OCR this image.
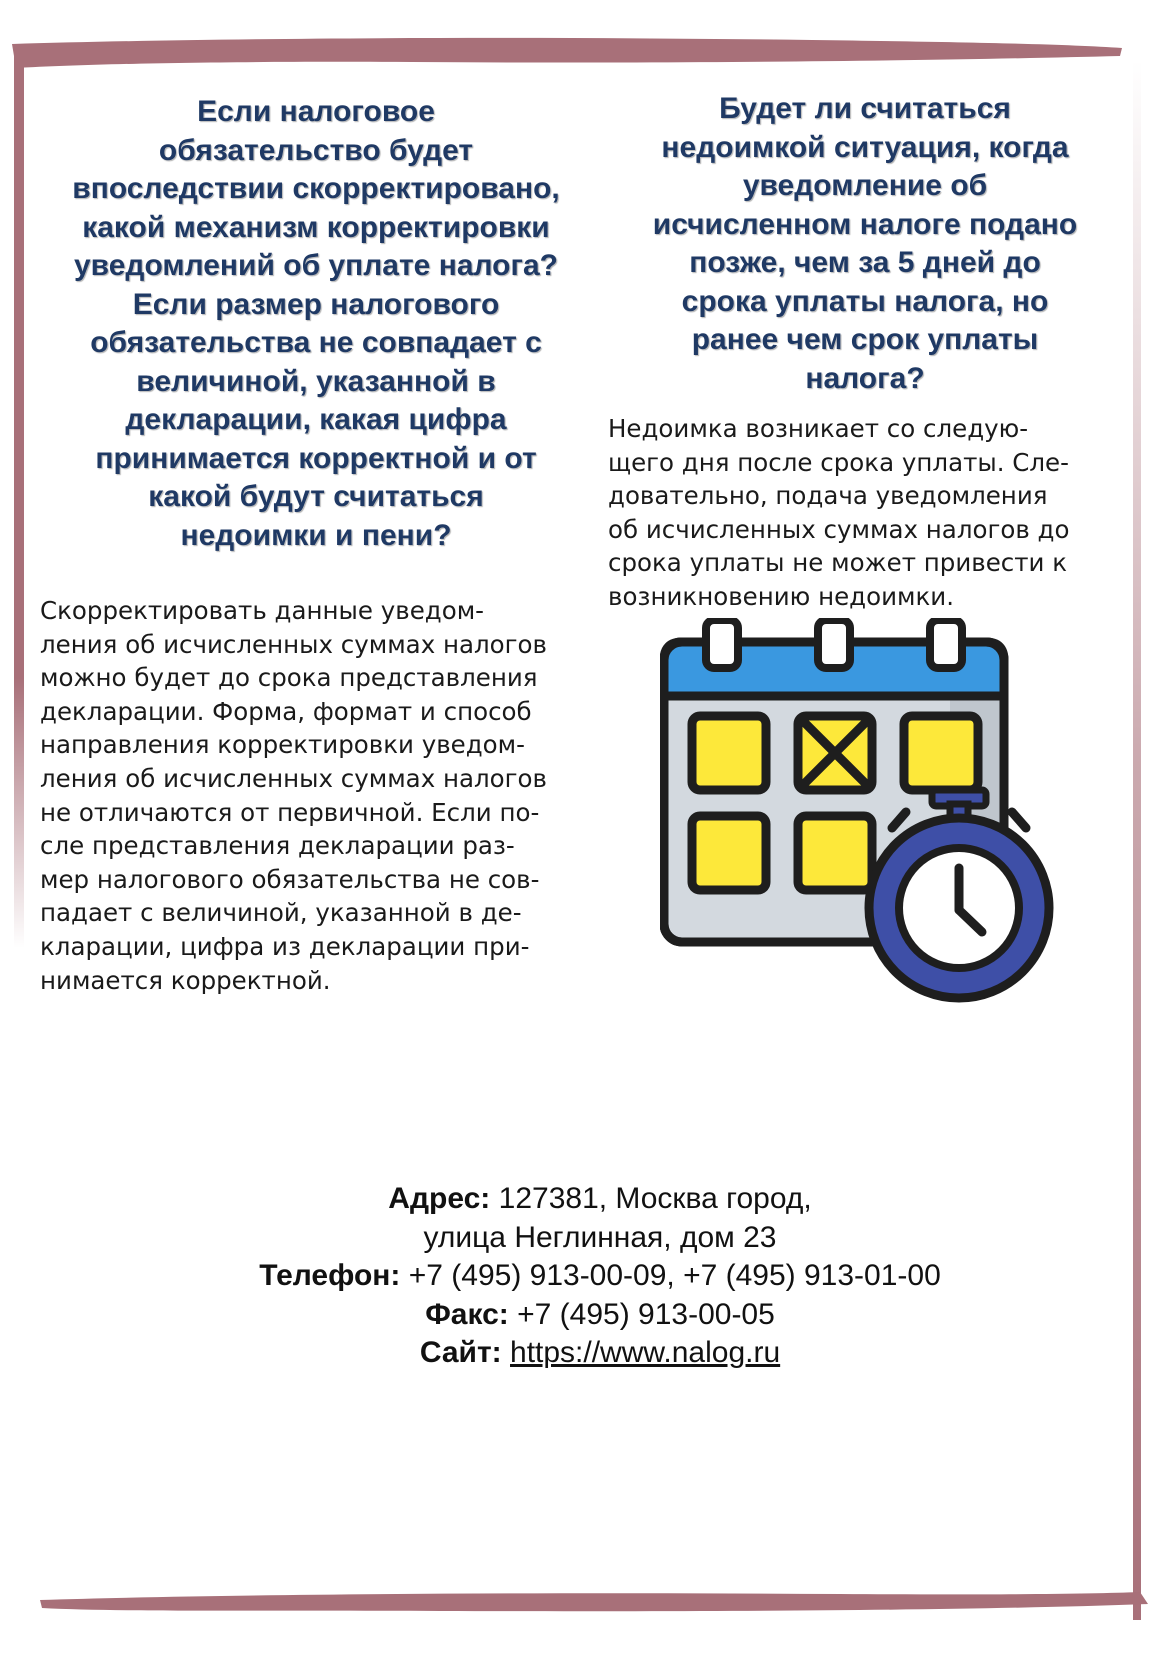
Если налоговое
обязательство будет
впоследствии скорректировано,
какой механизм корректировки
уведомлений об уплате налога?
Если размер налогового
обязательства не совпадает с
величиной, указанной в
декларации, какая цифра
принимается корректной и от
какой будут считаться
недоимки и пени?

Скорректировать данные уведом-
ления об исчисленных суммах налогов
можно будет до срока представления
декларации. Форма, формат и способ
направления корректировки уведом-
ления об исчисленных суммах налогов
не отличаются от первичной. Если по-
сле представления декларации раз-
мер налогового обязательства не сов-
падает с величиной, указанной в де-
кларации, цифра из декларации при-
нимается корректной.

Будет ли считаться
недоимкой ситуация, когда
уведомление об
исчисленном налоге подано
позже, чем за 5 дней до
срока уплаты налога, но
ранее чем срок уплаты
налога?

Недоимка возникает со следую-
щего дня после срока уплаты. Сле-
довательно, подача уведомления
об исчисленных суммах налогов до
срока уплаты не может привести к
возникновению недоимки.

Адрес: 127381, Москва город,
улица Неглинная, дом 23
Телефон: +7 (495) 913-00-09, +7 (495) 913-01-00
Факс: +7 (495) 913-00-05
Сайт: https://www.nalog.ru
